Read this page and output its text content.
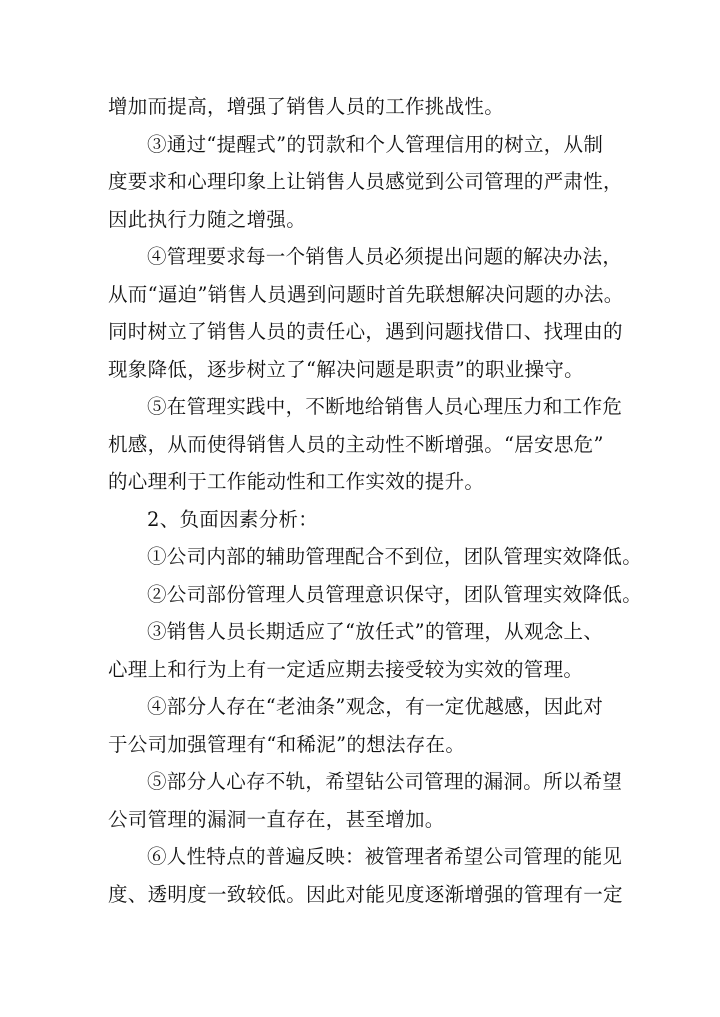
增加而提高，增强了销售人员的工作挑战性。
③通过“提醒式”的罚款和个人管理信用的树立，从制
度要求和心理印象上让销售人员感觉到公司管理的严肃性，
因此执行力随之增强。
④管理要求每一个销售人员必须提出问题的解决办法，
从而“逼迫”销售人员遇到问题时首先联想解决问题的办法。
同时树立了销售人员的责任心，遇到问题找借口、找理由的
现象降低，逐步树立了“解决问题是职责”的职业操守。
⑤在管理实践中，不断地给销售人员心理压力和工作危
机感，从而使得销售人员的主动性不断增强。“居安思危”
的心理利于工作能动性和工作实效的提升。
2、负面因素分析：
①公司内部的辅助管理配合不到位，团队管理实效降低。
②公司部份管理人员管理意识保守，团队管理实效降低。
③销售人员长期适应了“放任式”的管理，从观念上、
心理上和行为上有一定适应期去接受较为实效的管理。
④部分人存在“老油条”观念，有一定优越感，因此对
于公司加强管理有“和稀泥”的想法存在。
⑤部分人心存不轨，希望钻公司管理的漏洞。所以希望
公司管理的漏洞一直存在，甚至增加。
⑥人性特点的普遍反映：被管理者希望公司管理的能见
度、透明度一致较低。因此对能见度逐渐增强的管理有一定
